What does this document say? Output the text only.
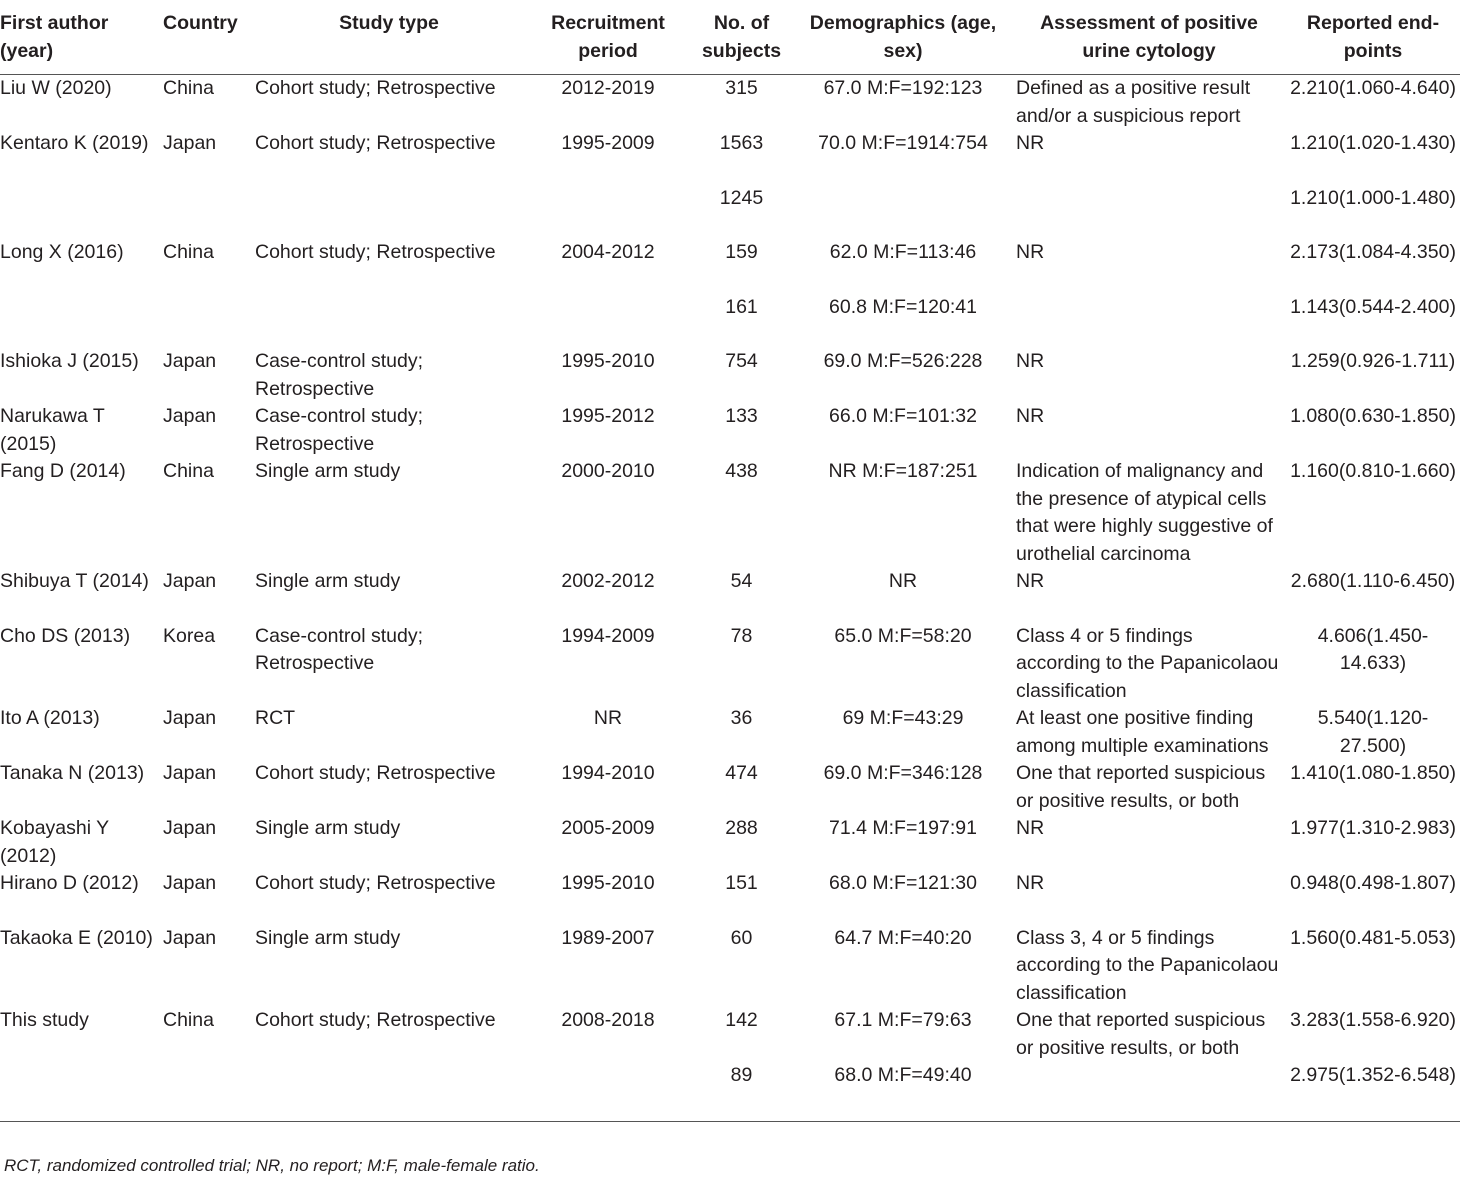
First author (year)	Country	Study type	Recruitment period	No. of subjects	Demographics (age, sex)	Assessment of positive urine cytology	Reported end-points
Liu W (2020)	China	Cohort study; Retrospective	2012-2019	315	67.0 M:F=192:123	Defined as a positive result and/or a suspicious report	2.210(1.060-4.640)
Kentaro K (2019)	Japan	Cohort study; Retrospective	1995-2009	1563	70.0 M:F=1914:754	NR	1.210(1.020-1.430)
				1245			1.210(1.000-1.480)
Long X (2016)	China	Cohort study; Retrospective	2004-2012	159	62.0 M:F=113:46	NR	2.173(1.084-4.350)
				161	60.8 M:F=120:41		1.143(0.544-2.400)
Ishioka J (2015)	Japan	Case-control study; Retrospective	1995-2010	754	69.0 M:F=526:228	NR	1.259(0.926-1.711)
Narukawa T (2015)	Japan	Case-control study; Retrospective	1995-2012	133	66.0 M:F=101:32	NR	1.080(0.630-1.850)
Fang D (2014)	China	Single arm study	2000-2010	438	NR M:F=187:251	Indication of malignancy and the presence of atypical cells that were highly suggestive of urothelial carcinoma	1.160(0.810-1.660)
Shibuya T (2014)	Japan	Single arm study	2002-2012	54	NR	NR	2.680(1.110-6.450)
Cho DS (2013)	Korea	Case-control study; Retrospective	1994-2009	78	65.0 M:F=58:20	Class 4 or 5 findings according to the Papanicolaou classification	4.606(1.450-14.633)
Ito A (2013)	Japan	RCT	NR	36	69 M:F=43:29	At least one positive finding among multiple examinations	5.540(1.120-27.500)
Tanaka N (2013)	Japan	Cohort study; Retrospective	1994-2010	474	69.0 M:F=346:128	One that reported suspicious or positive results, or both	1.410(1.080-1.850)
Kobayashi Y (2012)	Japan	Single arm study	2005-2009	288	71.4 M:F=197:91	NR	1.977(1.310-2.983)
Hirano D (2012)	Japan	Cohort study; Retrospective	1995-2010	151	68.0 M:F=121:30	NR	0.948(0.498-1.807)
Takaoka E (2010)	Japan	Single arm study	1989-2007	60	64.7 M:F=40:20	Class 3, 4 or 5 findings according to the Papanicolaou classification	1.560(0.481-5.053)
This study	China	Cohort study; Retrospective	2008-2018	142	67.1 M:F=79:63	One that reported suspicious or positive results, or both	3.283(1.558-6.920)
				89	68.0 M:F=49:40		2.975(1.352-6.548)
RCT, randomized controlled trial; NR, no report; M:F, male-female ratio.
